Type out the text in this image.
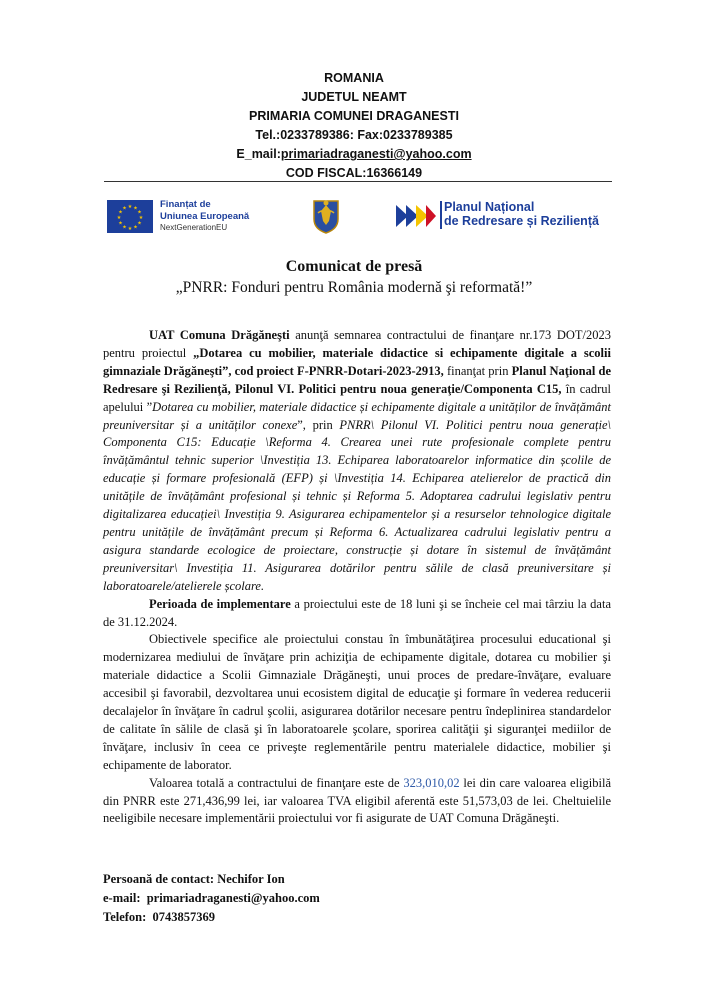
ROMANIA
JUDETUL NEAMT
PRIMARIA COMUNEI DRAGANESTI
Tel.:0233789386: Fax:0233789385
E_mail:primariadraganesti@yahoo.com
COD FISCAL:16366149
★ ★
★
★
★
★
★
★
★
★
★
★	Finanțat de
Uniunea Europeană
NextGenerationEU
Planul Național
de Redresare și Reziliență
Comunicat de presă
„PNRR: Fonduri pentru România modernă şi reformată!”

UAT Comuna Drăgăneşti anunţă semnarea contractului de finanţare nr.173 DOT/2023 pentru proiectul „Dotarea cu mobilier, materiale didactice si echipamente digitale a scolii gimnaziale Drăgăneşti”, cod proiect F-PNRR-Dotari-2023-2913, finanţat prin Planul Naţional de Redresare şi Rezilienţă, Pilonul VI. Politici pentru noua generaţie/Componenta C15, în cadrul apelului ”Dotarea cu mobilier, materiale didactice și echipamente digitale a unităților de învățământ preuniversitar și a unităților conexe”, prin PNRR\ Pilonul VI. Politici pentru noua generație\ Componenta C15: Educație \Reforma 4. Crearea unei rute profesionale complete pentru învățământul tehnic superior \Investiția 13. Echiparea laboratoarelor informatice din școlile de educație și formare profesională (EFP) și \Investiția 14. Echiparea atelierelor de practică din unitățile de învățământ profesional și tehnic și Reforma 5. Adoptarea cadrului legislativ pentru digitalizarea educației\ Investiția 9. Asigurarea echipamentelor și a resurselor tehnologice digitale pentru unitățile de învățământ precum și Reforma 6. Actualizarea cadrului legislativ pentru a asigura standarde ecologice de proiectare, construcție și dotare în sistemul de învățământ preuniversitar\ Investiția 11. Asigurarea dotărilor pentru sălile de clasă preuniversitare și laboratoarele/atelierele școlare.

Perioada de implementare a proiectului este de 18 luni şi se încheie cel mai târziu la data de 31.12.2024.

Obiectivele specifice ale proiectului constau în îmbunătăţirea procesului educational şi modernizarea mediului de învăţare prin achiziţia de echipamente digitale, dotarea cu mobilier şi materiale didactice a Scolii Gimnaziale Drăgăneşti, unui proces de predare-învăţare, evaluare accesibil şi favorabil, dezvoltarea unui ecosistem digital de educaţie şi formare în vederea reducerii decalajelor în învăţare în cadrul şcolii, asigurarea dotărilor necesare pentru îndeplinirea standardelor de calitate în sălile de clasă şi în laboratoarele şcolare, sporirea calităţii şi siguranţei mediilor de învăţare, inclusiv în ceea ce priveşte reglementările pentru materialele didactice, mobilier şi echipamente de laborator.

Valoarea totală a contractului de finanţare este de 323,010,02 lei din care valoarea eligibilă din PNRR este 271,436,99 lei, iar valoarea TVA eligibil aferentă este 51,573,03 de lei. Cheltuielile neeligibile necesare implementării proiectului vor fi asigurate de UAT Comuna Drăgăneşti.

Persoană de contact: Nechifor Ion
e-mail: primariadraganesti@yahoo.com
Telefon: 0743857369
